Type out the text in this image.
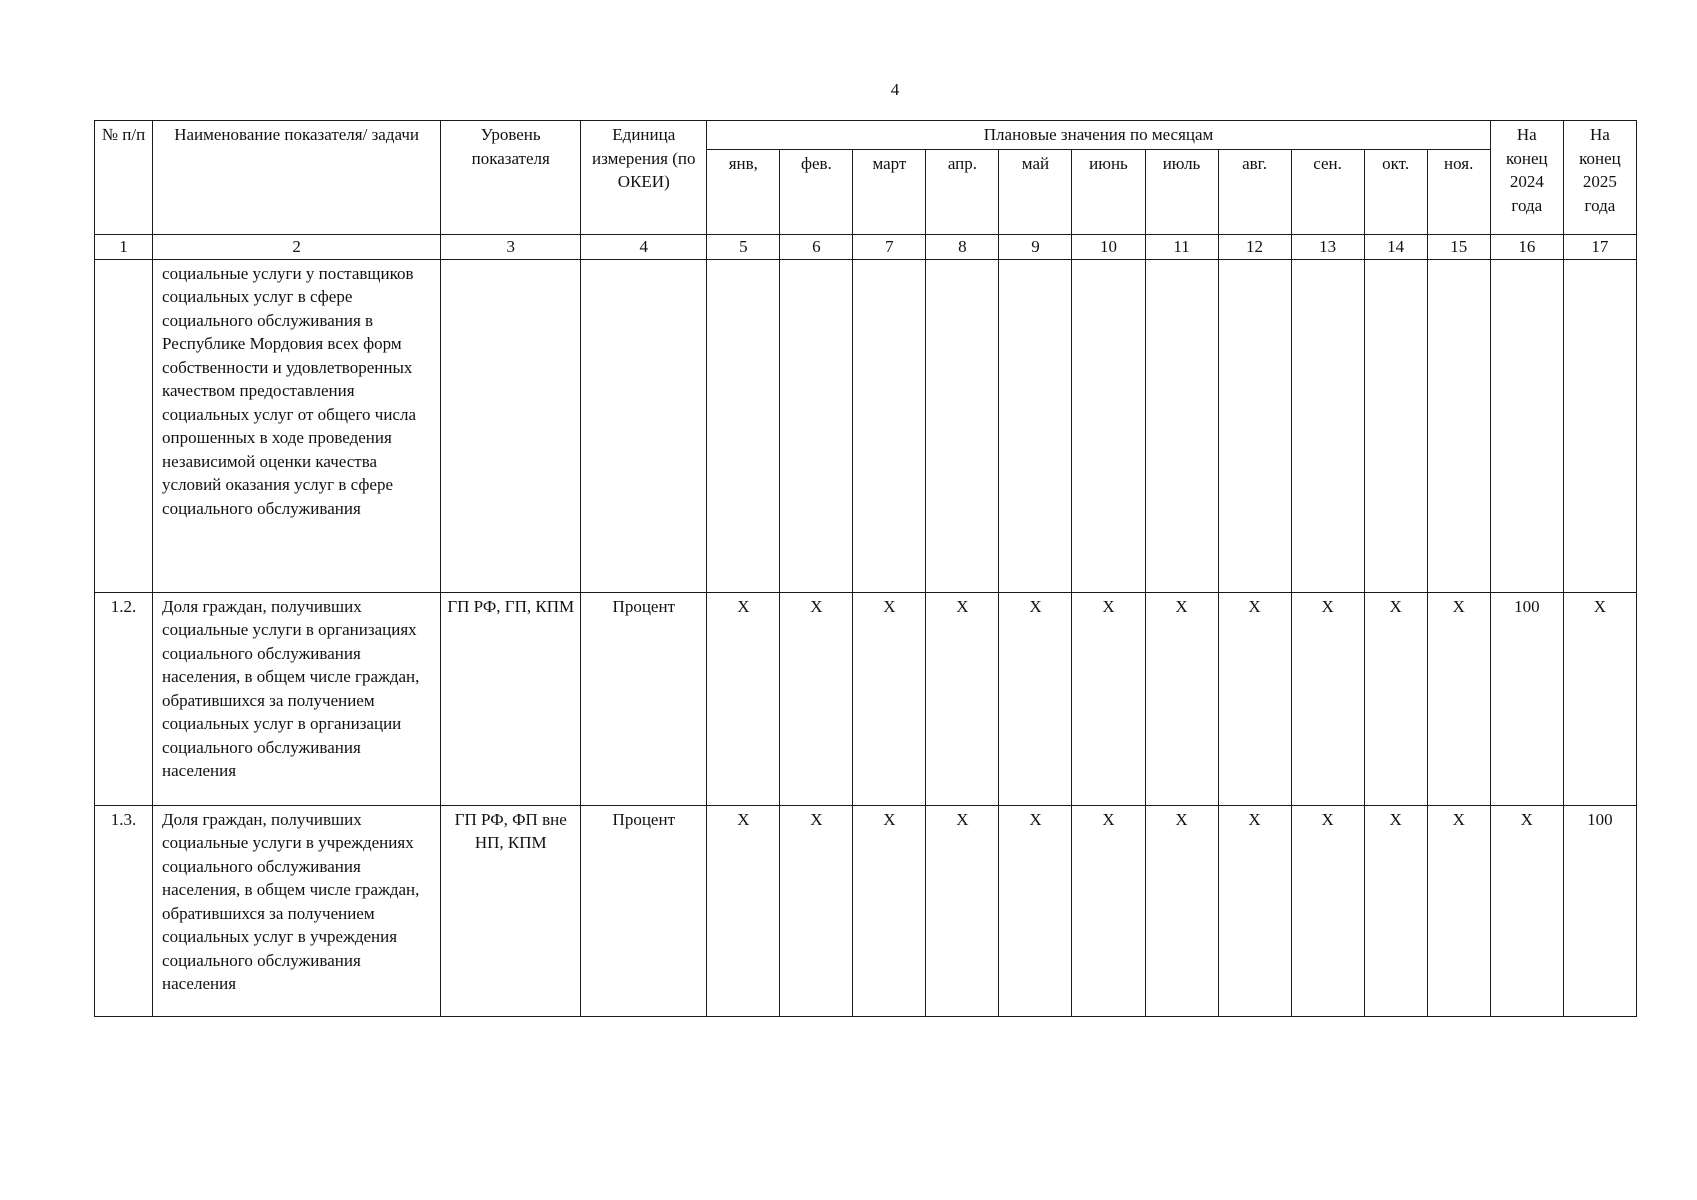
4
№ п/п	Наименование показателя/ задачи	Уровень показателя	Единица измерения (по ОКЕИ)	Плановые значения по месяцам											На конец 2024 года	На конец 2025 года
				янв,	фев.	март	апр.	май	июнь	июль	авг.	сен.	окт.	ноя.		
1	2	3	4	5	6	7	8	9	10	11	12	13	14	15	16	17
	социальные услуги у поставщиков социальных услуг в сфере социального обслуживания в Республике Мордовия всех форм собственности и удовлетворенных качеством предоставления социальных услуг от общего числа опрошенных в ходе проведения независимой оценки качества условий оказания услуг в сфере социального обслуживания															
1.2.	Доля граждан, получивших социальные услуги в организациях социального обслуживания населения, в общем числе граждан, обратившихся за получением социальных услуг в организации социального обслуживания населения	ГП РФ, ГП, КПМ	Процент	X	X	X	X	X	X	X	X	X	X	X	100	X
1.3.	Доля граждан, получивших социальные услуги в учреждениях социального обслуживания населения, в общем числе граждан, обратившихся за получением социальных услуг в учреждения социального обслуживания населения	ГП РФ, ФП вне НП, КПМ	Процент	X	X	X	X	X	X	X	X	X	X	X	X	100
